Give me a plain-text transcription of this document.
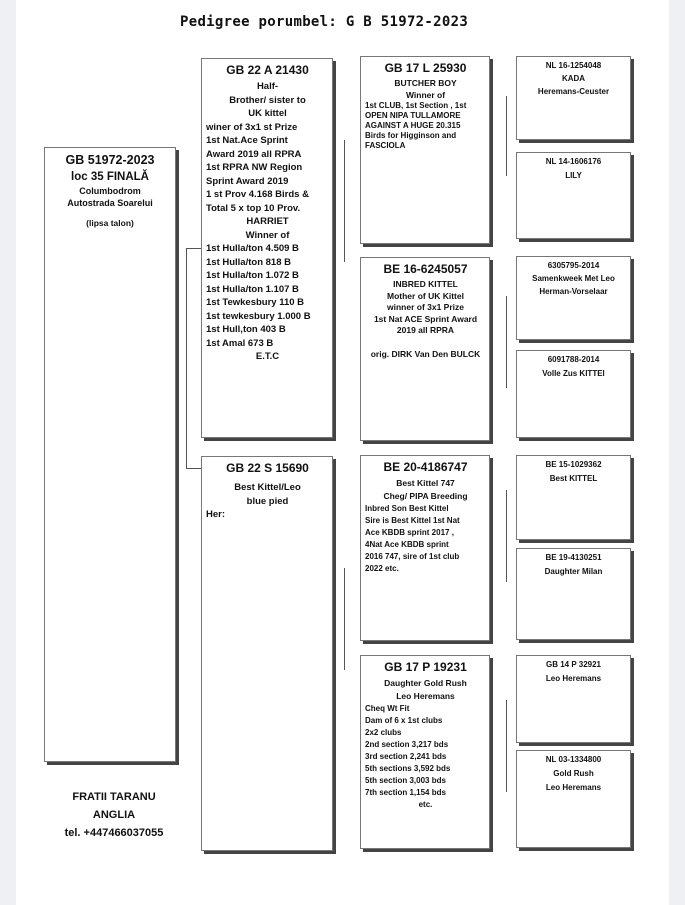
Pedigree porumbel: G B 51972-2023
GB 51972-2023
loc 35 FINALĂ
Columbodrom
Autostrada Soarelui
(lipsa talon)
GB 22 A 21430
Half-
Brother/ sister to
UK kittel
winer of 3x1 st Prize
1st Nat.Ace Sprint
Award 2019 all RPRA
1st RPRA NW Region
Sprint Award 2019
1 st Prov 4.168 Birds &
Total 5 x top 10 Prov.
HARRIET
Winner of
1st Hulla/ton 4.509 B
1st Hulla/ton 818 B
1st Hulla/ton 1.072 B
1st Hulla/ton 1.107 B
1st Tewkesbury 110 B
1st tewkesbury 1.000 B
1st Hull,ton 403 B
1st Amal 673 B
E.T.C
GB 22 S 15690
Best Kittel/Leo
blue pied
Her:
GB 17 L 25930
BUTCHER BOY
Winner of
1st CLUB, 1st Section , 1st
OPEN NIPA TULLAMORE
AGAINST A HUGE 20.315
Birds for Higginson and
FASCIOLA
BE 16-6245057
INBRED KITTEL
Mother of UK Kittel
winner of 3x1 Prize
1st Nat ACE Sprint Award
2019 all RPRA
orig. DIRK Van Den BULCK
BE 20-4186747
Best Kittel 747
Cheg/ PIPA Breeding
Inbred Son Best Kittel
Sire is Best Kittel 1st Nat
Ace KBDB sprint 2017 ,
4Nat Ace KBDB sprint
2016 747, sire of 1st club
2022 etc.
GB 17 P 19231
Daughter Gold Rush
Leo Heremans
Cheq Wt Fit
Dam of 6 x 1st clubs
2x2 clubs
2nd section 3,217 bds
3rd section 2,241 bds
5th sections 3,592 bds
5th section 3,003 bds
7th section 1,154 bds
etc.
NL 16-1254048
KADA
Heremans-Ceuster
NL 14-1606176
LILY
6305795-2014
Samenkweek Met Leo
Herman-Vorselaar
6091788-2014
Volle Zus KITTEl
BE 15-1029362
Best KITTEL
BE 19-4130251
Daughter Milan
GB 14 P 32921
Leo Heremans
NL 03-1334800
Gold Rush
Leo Heremans
FRATII TARANU
ANGLIA
tel. +447466037055
